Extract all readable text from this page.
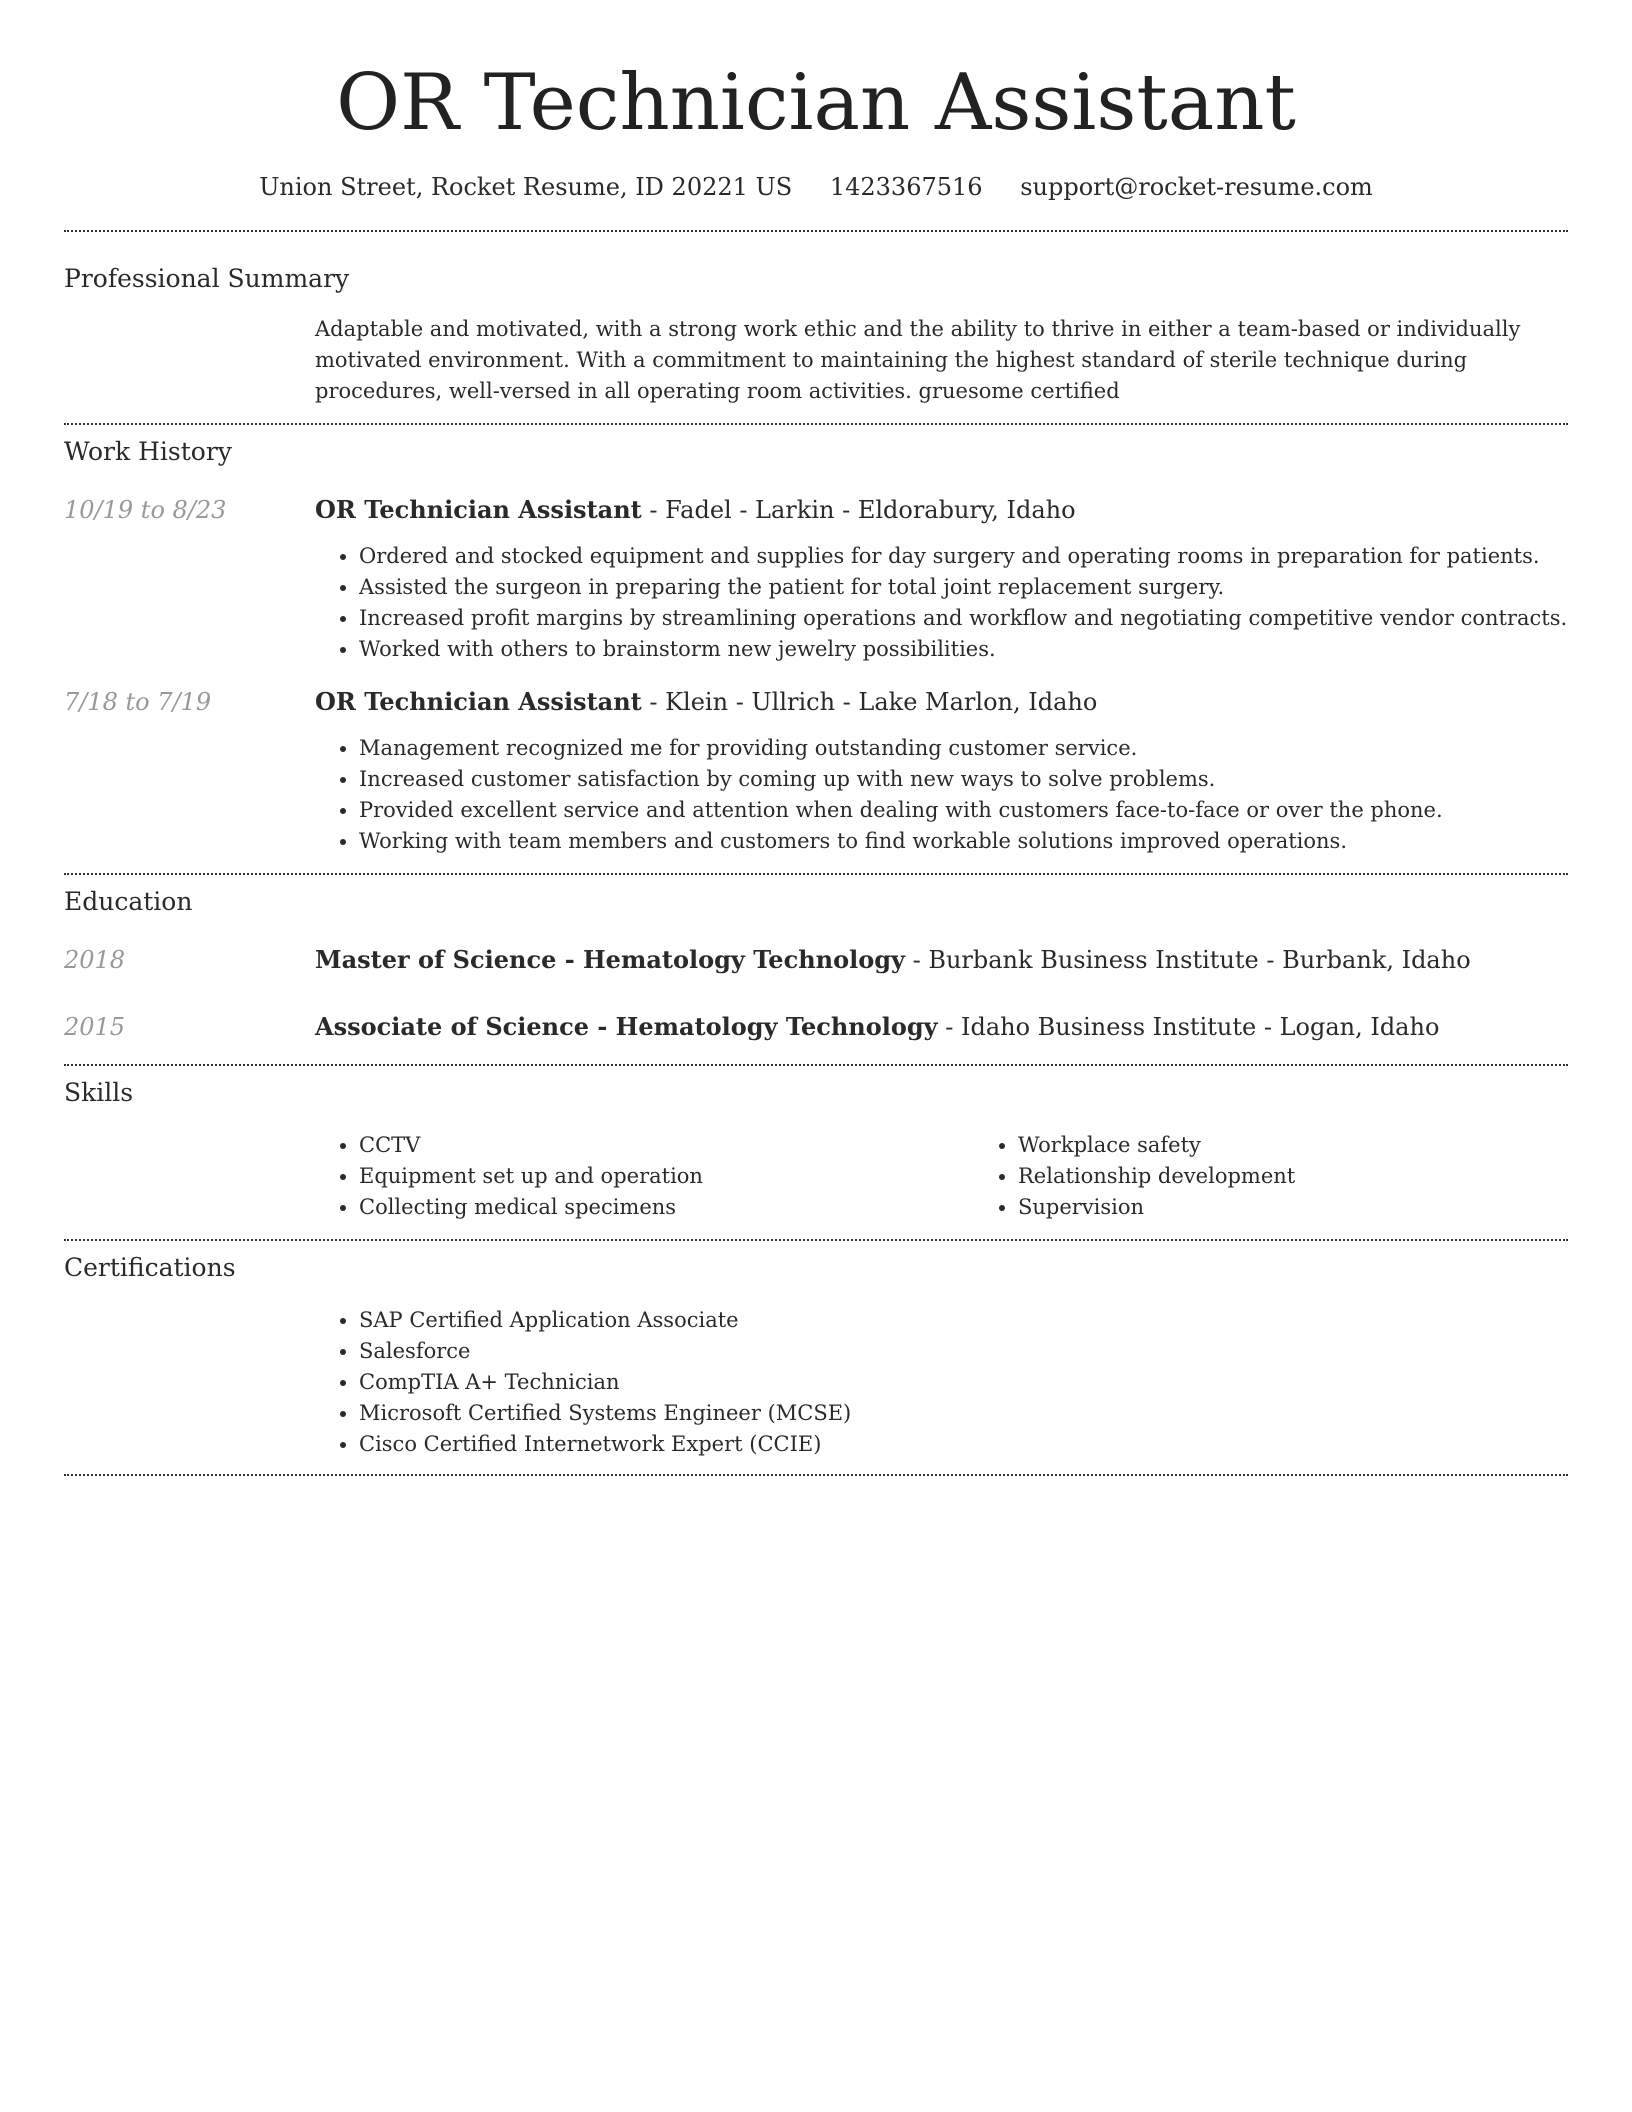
OR Technician Assistant
Union Street, Rocket Resume, ID 20221 US 1423367516 support@rocket-resume.com
Professional Summary
Adaptable and motivated, with a strong work ethic and the ability to thrive in either a team-based or individually motivated environment. With a commitment to maintaining the highest standard of sterile technique during procedures, well-versed in all operating room activities. gruesome certified
Work History
10/19 to 8/23	OR Technician Assistant - Fadel - Larkin - Eldorabury, Idaho
• Ordered and stocked equipment and supplies for day surgery and operating rooms in preparation for patients.
• Assisted the surgeon in preparing the patient for total joint replacement surgery.
• Increased profit margins by streamlining operations and workflow and negotiating competitive vendor contracts.
• Worked with others to brainstorm new jewelry possibilities.
7/18 to 7/19	OR Technician Assistant - Klein - Ullrich - Lake Marlon, Idaho
• Management recognized me for providing outstanding customer service.
• Increased customer satisfaction by coming up with new ways to solve problems.
• Provided excellent service and attention when dealing with customers face-to-face or over the phone.
• Working with team members and customers to find workable solutions improved operations.
Education
2018	Master of Science - Hematology Technology - Burbank Business Institute - Burbank, Idaho
2015	Associate of Science - Hematology Technology - Idaho Business Institute - Logan, Idaho
Skills
• CCTV
• Equipment set up and operation
• Collecting medical specimens
• Workplace safety
• Relationship development
• Supervision
Certifications
• SAP Certified Application Associate
• Salesforce
• CompTIA A+ Technician
• Microsoft Certified Systems Engineer (MCSE)
• Cisco Certified Internetwork Expert (CCIE)
